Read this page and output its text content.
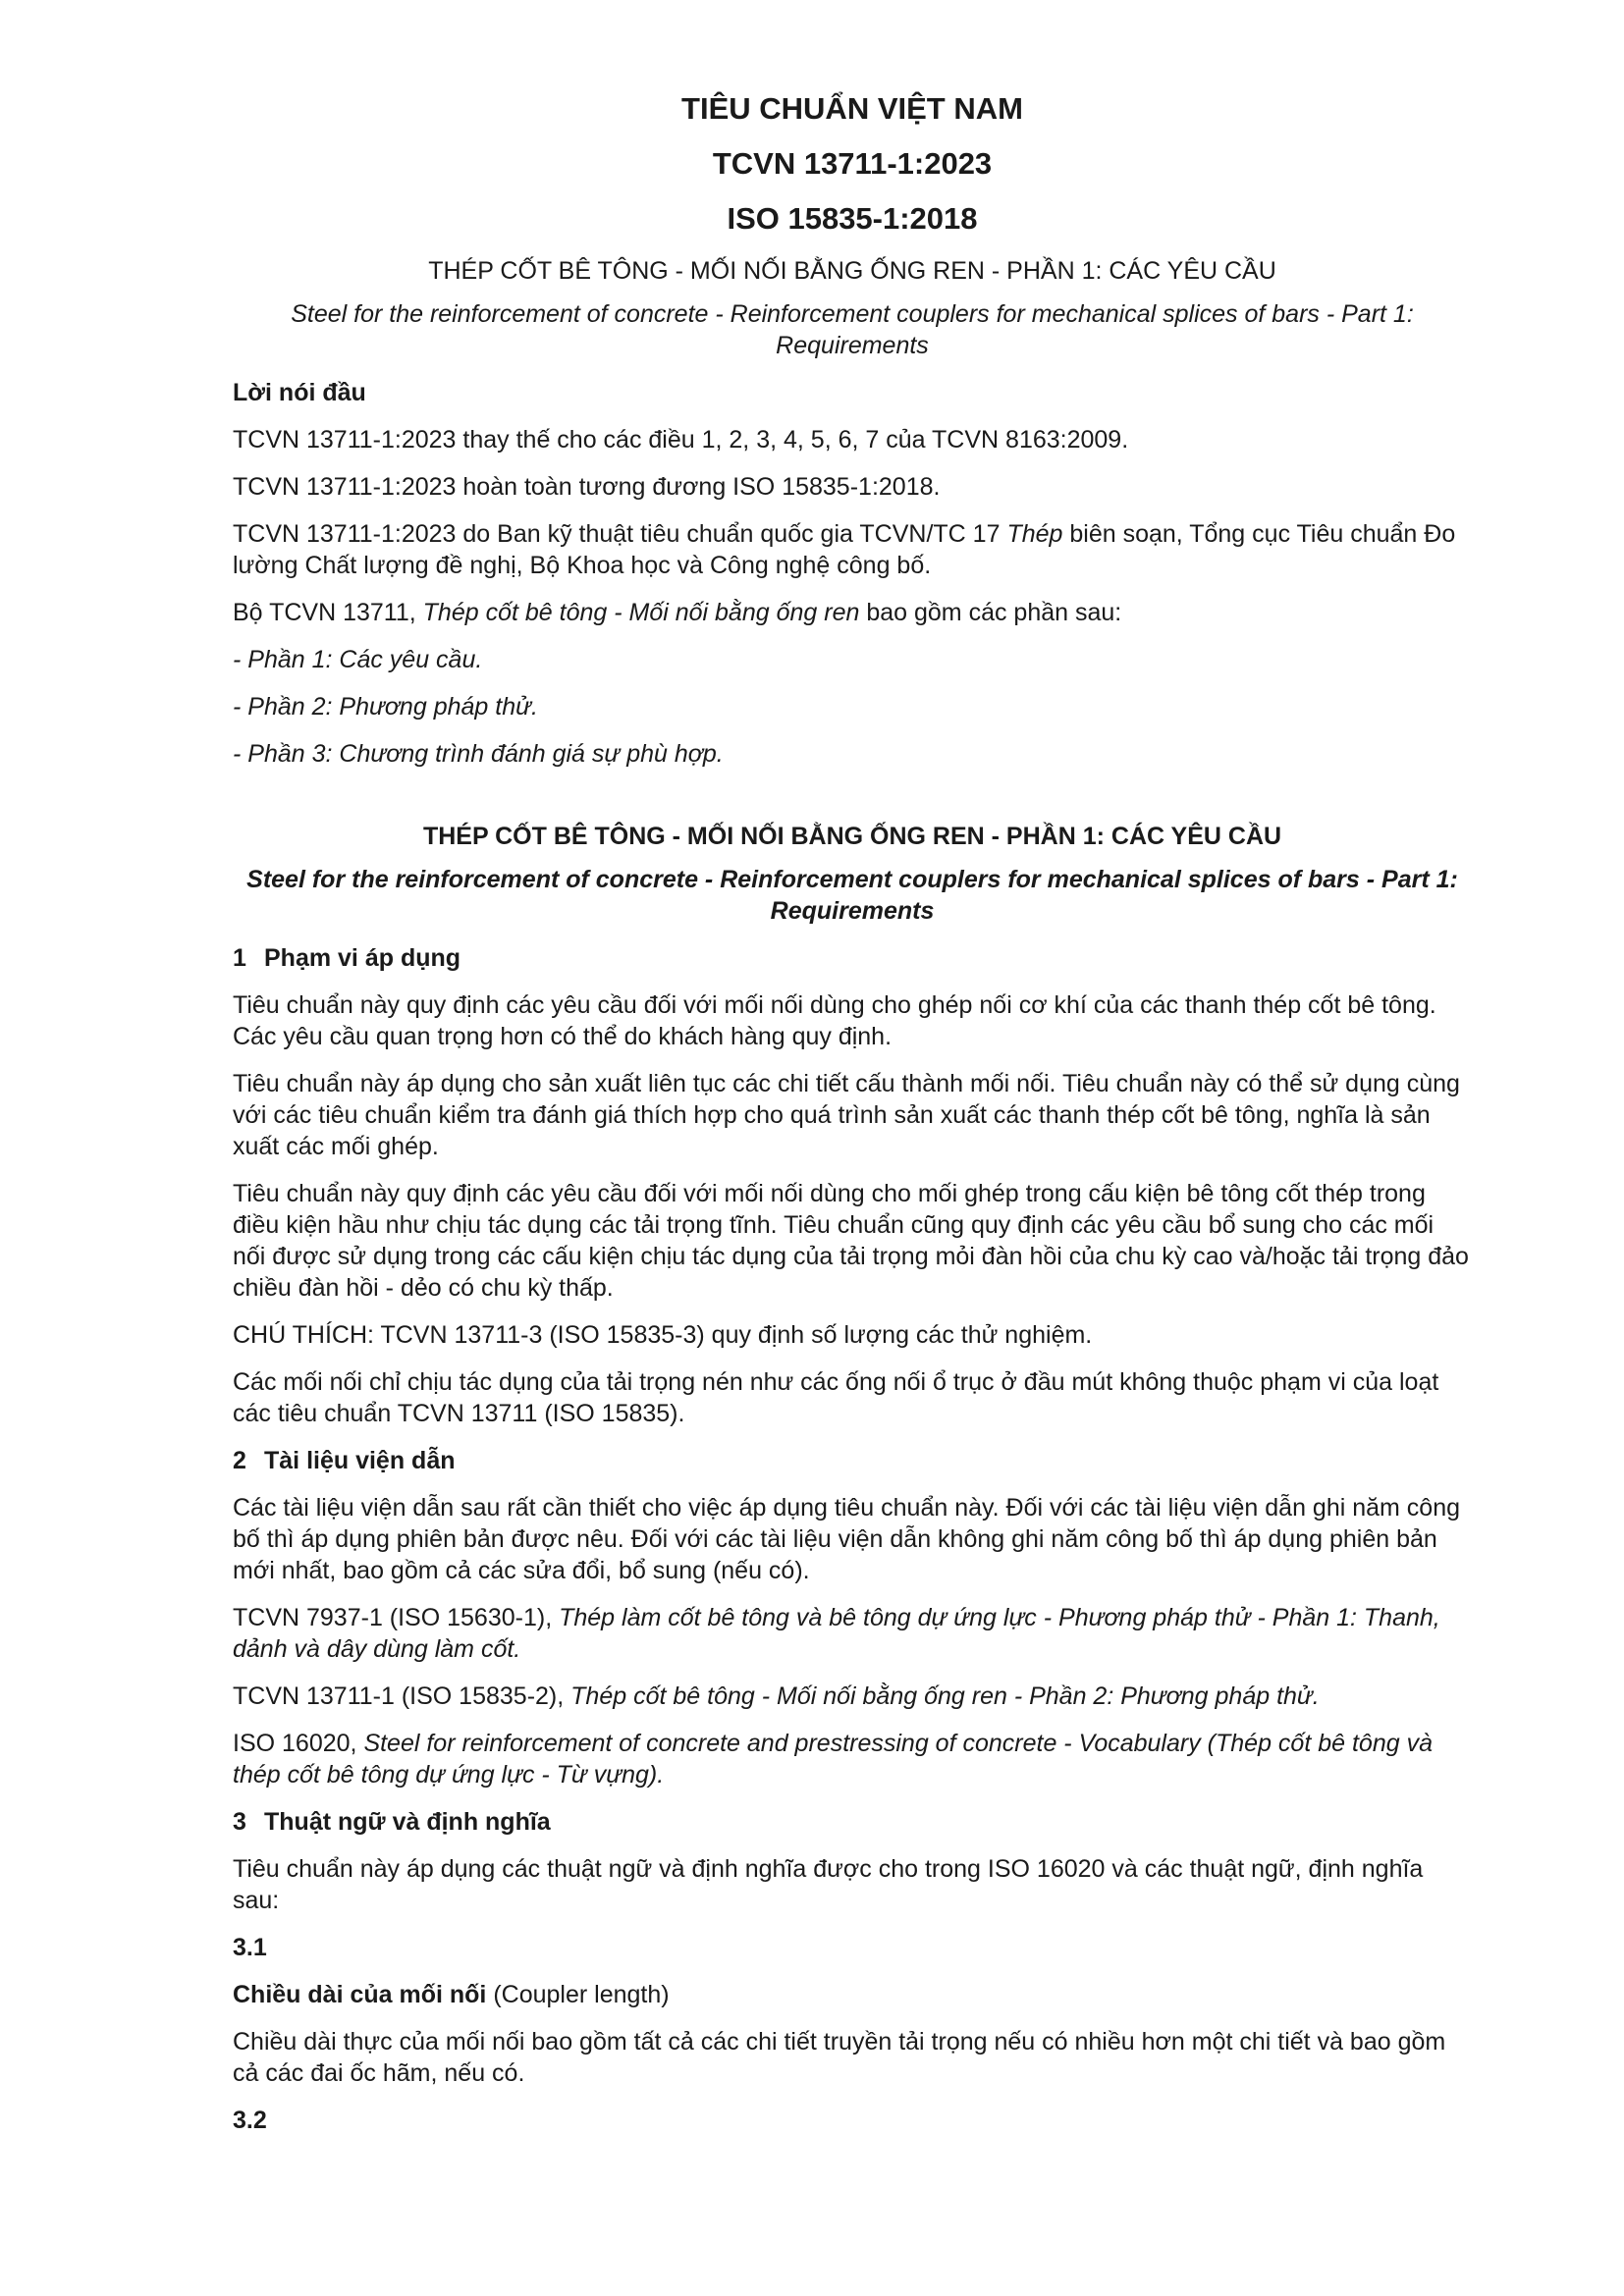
TIÊU CHUẨN VIỆT NAM
TCVN 13711-1:2023
ISO 15835-1:2018
THÉP CỐT BÊ TÔNG - MỐI NỐI BẰNG ỐNG REN - PHẦN 1: CÁC YÊU CẦU
Steel for the reinforcement of concrete - Reinforcement couplers for mechanical splices of bars - Part 1: Requirements
Lời nói đầu

TCVN 13711-1:2023 thay thế cho các điều 1, 2, 3, 4, 5, 6, 7 của TCVN 8163:2009.

TCVN 13711-1:2023 hoàn toàn tương đương ISO 15835-1:2018.

TCVN 13711-1:2023 do Ban kỹ thuật tiêu chuẩn quốc gia TCVN/TC 17 Thép biên soạn, Tổng cục Tiêu chuẩn Đo lường Chất lượng đề nghị, Bộ Khoa học và Công nghệ công bố.

Bộ TCVN 13711, Thép cốt bê tông - Mối nối bằng ống ren bao gồm các phần sau:

- Phần 1: Các yêu cầu.

- Phần 2: Phương pháp thử.

- Phần 3: Chương trình đánh giá sự phù hợp.

THÉP CỐT BÊ TÔNG - MỐI NỐI BẰNG ỐNG REN - PHẦN 1: CÁC YÊU CẦU
Steel for the reinforcement of concrete - Reinforcement couplers for mechanical splices of bars - Part 1: Requirements
1 Phạm vi áp dụng

Tiêu chuẩn này quy định các yêu cầu đối với mối nối dùng cho ghép nối cơ khí của các thanh thép cốt bê tông. Các yêu cầu quan trọng hơn có thể do khách hàng quy định.

Tiêu chuẩn này áp dụng cho sản xuất liên tục các chi tiết cấu thành mối nối. Tiêu chuẩn này có thể sử dụng cùng với các tiêu chuẩn kiểm tra đánh giá thích hợp cho quá trình sản xuất các thanh thép cốt bê tông, nghĩa là sản xuất các mối ghép.

Tiêu chuẩn này quy định các yêu cầu đối với mối nối dùng cho mối ghép trong cấu kiện bê tông cốt thép trong điều kiện hầu như chịu tác dụng các tải trọng tĩnh. Tiêu chuẩn cũng quy định các yêu cầu bổ sung cho các mối nối được sử dụng trong các cấu kiện chịu tác dụng của tải trọng mỏi đàn hồi của chu kỳ cao và/hoặc tải trọng đảo chiều đàn hồi - dẻo có chu kỳ thấp.

CHÚ THÍCH: TCVN 13711-3 (ISO 15835-3) quy định số lượng các thử nghiệm.

Các mối nối chỉ chịu tác dụng của tải trọng nén như các ống nối ổ trục ở đầu mút không thuộc phạm vi của loạt các tiêu chuẩn TCVN 13711 (ISO 15835).

2 Tài liệu viện dẫn

Các tài liệu viện dẫn sau rất cần thiết cho việc áp dụng tiêu chuẩn này. Đối với các tài liệu viện dẫn ghi năm công bố thì áp dụng phiên bản được nêu. Đối với các tài liệu viện dẫn không ghi năm công bố thì áp dụng phiên bản mới nhất, bao gồm cả các sửa đổi, bổ sung (nếu có).

TCVN 7937-1 (ISO 15630-1), Thép làm cốt bê tông và bê tông dự ứng lực - Phương pháp thử - Phần 1: Thanh, dảnh và dây dùng làm cốt.

TCVN 13711-1 (ISO 15835-2), Thép cốt bê tông - Mối nối bằng ống ren - Phần 2: Phương pháp thử.

ISO 16020, Steel for reinforcement of concrete and prestressing of concrete - Vocabulary (Thép cốt bê tông và thép cốt bê tông dự ứng lực - Từ vựng).

3 Thuật ngữ và định nghĩa

Tiêu chuẩn này áp dụng các thuật ngữ và định nghĩa được cho trong ISO 16020 và các thuật ngữ, định nghĩa sau:

3.1

Chiều dài của mối nối (Coupler length)

Chiều dài thực của mối nối bao gồm tất cả các chi tiết truyền tải trọng nếu có nhiều hơn một chi tiết và bao gồm cả các đai ốc hãm, nếu có.

3.2
